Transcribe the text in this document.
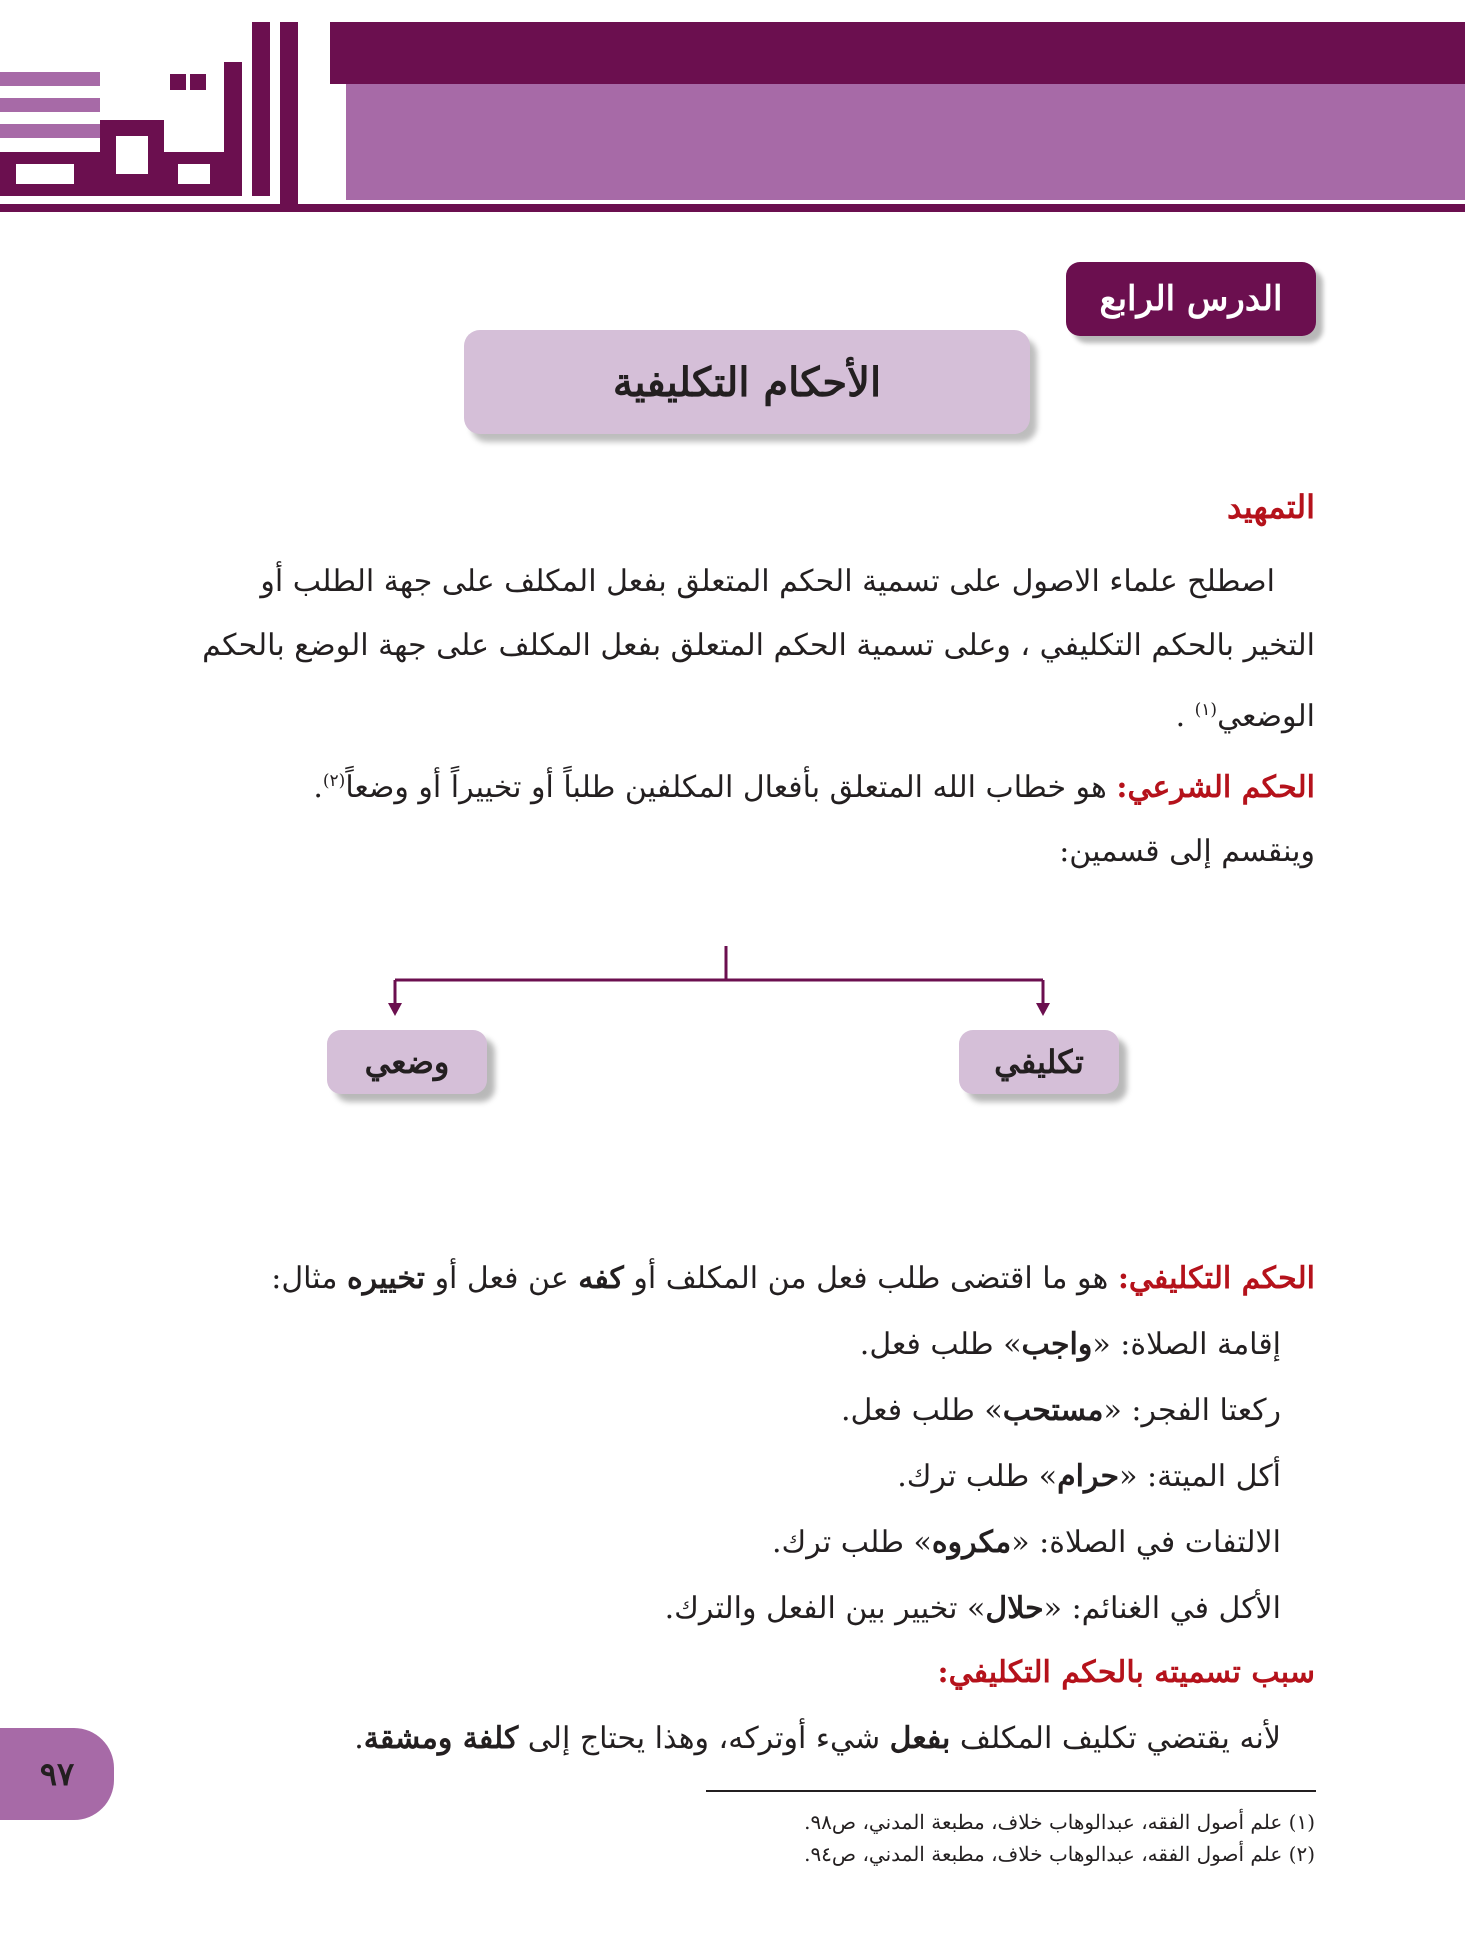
الدرس الرابع
الأحكام التكليفية
التمهيد

اصطلح علماء الاصول على تسمية الحكم المتعلق بفعل المكلف على جهة الطلب أو التخير بالحكم التكليفي ، وعلى تسمية الحكم المتعلق بفعل المكلف على جهة الوضع بالحكم الوضعي$^{(١)}$ .

الحكم الشرعي: هو خطاب الله المتعلق بأفعال المكلفين طلباً أو تخييراً أو وضعاً$^{(٢)}$.

وينقسم إلى قسمين:

تكليفي
وضعي
الحكم التكليفي: هو ما اقتضى طلب فعل من المكلف أو كفه عن فعل أو تخييره مثال:
إقامة الصلاة: «واجب» طلب فعل.
ركعتا الفجر: «مستحب» طلب فعل.
أكل الميتة: «حرام» طلب ترك.
الالتفات في الصلاة: «مكروه» طلب ترك.
الأكل في الغنائم: «حلال» تخيير بين الفعل والترك.
سبب تسميته بالحكم التكليفي:
لأنه يقتضي تكليف المكلف بفعل شيء أوتركه، وهذا يحتاج إلى كلفة ومشقة.
٩٧
(١) علم أصول الفقه، عبدالوهاب خلاف، مطبعة المدني، ص٩٨.
(٢) علم أصول الفقه، عبدالوهاب خلاف، مطبعة المدني، ص٩٤.
